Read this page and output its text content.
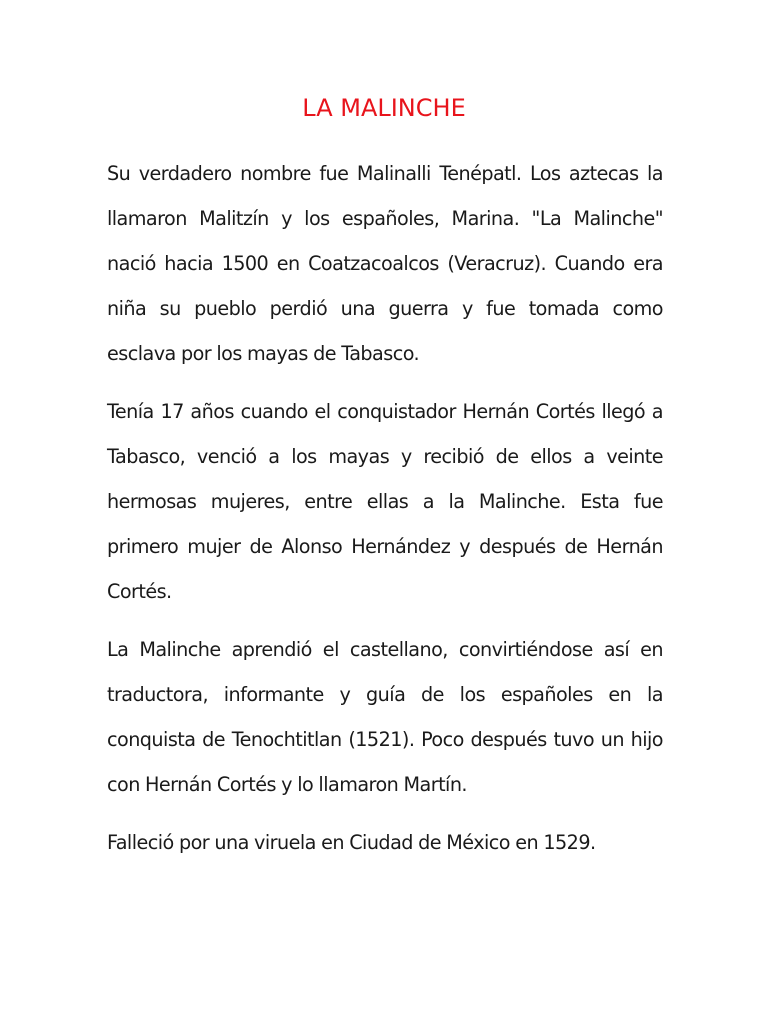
LA MALINCHE

Su verdadero nombre fue Malinalli Tenépatl. Los aztecas la llamaron Malitzín y los españoles, Marina. "La Malinche" nació hacia 1500 en Coatzacoalcos (Veracruz). Cuando era niña su pueblo perdió una guerra y fue tomada como esclava por los mayas de Tabasco.

Tenía 17 años cuando el conquistador Hernán Cortés llegó a Tabasco, venció a los mayas y recibió de ellos a veinte hermosas mujeres, entre ellas a la Malinche. Esta fue primero mujer de Alonso Hernández y después de Hernán Cortés.

La Malinche aprendió el castellano, convirtiéndose así en traductora, informante y guía de los españoles en la conquista de Tenochtitlan (1521). Poco después tuvo un hijo con Hernán Cortés y lo llamaron Martín.

Falleció por una viruela en Ciudad de México en 1529.
